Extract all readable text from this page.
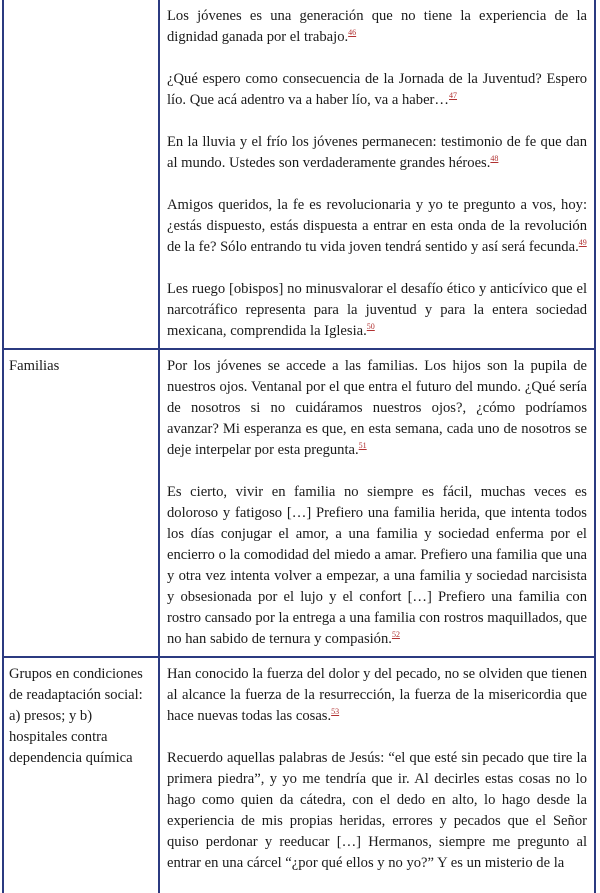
	Los jóvenes es una generación que no tiene la experiencia de la dignidad ganada por el trabajo.$^{46}$

¿Qué espero como consecuencia de la Jornada de la Juventud? Espero lío. Que acá adentro va a haber lío, va a haber…$^{47}$

En la lluvia y el frío los jóvenes permanecen: testimonio de fe que dan al mundo. Ustedes son verdaderamente grandes héroes.$^{48}$

Amigos queridos, la fe es revolucionaria y yo te pregunto a vos, hoy: ¿estás dispuesto, estás dispuesta a entrar en esta onda de la revolución de la fe? Sólo entrando tu vida joven tendrá sentido y así será fecunda.$^{49}$

Les ruego [obispos] no minusvalorar el desafío ético y anticívico que el narcotráfico representa para la juventud y para la entera sociedad mexicana, comprendida la Iglesia.$^{50}$

Familias	Por los jóvenes se accede a las familias. Los hijos son la pupila de nuestros ojos. Ventanal por el que entra el futuro del mundo. ¿Qué sería de nosotros si no cuidáramos nuestros ojos?, ¿cómo podríamos avanzar? Mi esperanza es que, en esta semana, cada uno de nosotros se deje interpelar por esta pregunta.$^{51}$

Es cierto, vivir en familia no siempre es fácil, muchas veces es doloroso y fatigoso […] Prefiero una familia herida, que intenta todos los días conjugar el amor, a una familia y sociedad enferma por el encierro o la comodidad del miedo a amar. Prefiero una familia que una y otra vez intenta volver a empezar, a una familia y sociedad narcisista y obsesionada por el lujo y el confort […] Prefiero una familia con rostro cansado por la entrega a una familia con rostros maquillados, que no han sabido de ternura y compasión.$^{52}$

Grupos en condiciones de readaptación social: a) presos; y b) hospitales contra dependencia química	Han conocido la fuerza del dolor y del pecado, no se olviden que tienen al alcance la fuerza de la resurrección, la fuerza de la misericordia que hace nuevas todas las cosas.$^{53}$

Recuerdo aquellas palabras de Jesús: “el que esté sin pecado que tire la primera piedra”, y yo me tendría que ir. Al decirles estas cosas no lo hago como quien da cátedra, con el dedo en alto, lo hago desde la experiencia de mis propias heridas, errores y pecados que el Señor quiso perdonar y reeducar […] Hermanos, siempre me pregunto al entrar en una cárcel “¿por qué ellos y no yo?” Y es un misterio de la
